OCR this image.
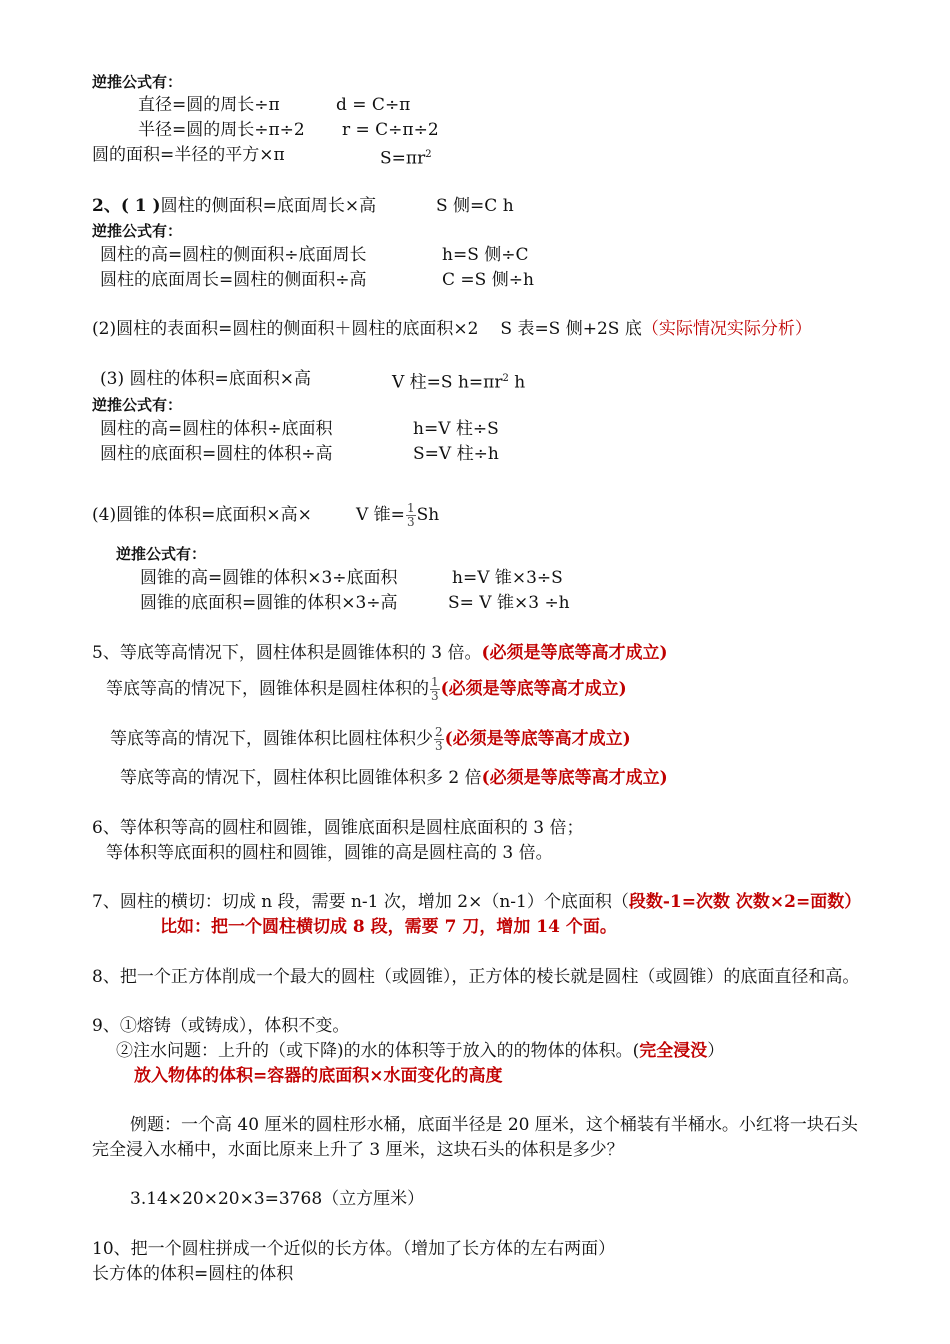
逆推公式有：
直径=圆的周长÷π	d = C÷π
半径=圆的周长÷π÷2 r = C÷π÷2
圆的面积=半径的平方×π	$S=\pi r^2$
2、( 1 )圆柱的侧面积=底面周长×高	S 侧=C h
逆推公式有：
圆柱的高=圆柱的侧面积÷底面周长	h=S 侧÷C
圆柱的底面周长=圆柱的侧面积÷高	C =S 侧÷h
(2)圆柱的表面积=圆柱的侧面积＋圆柱的底面积×2 S 表=S 侧+2S 底（实际情况实际分析）
(3) 圆柱的体积=底面积×高	V 柱=S $h=\pi r^2$ h
逆推公式有：
圆柱的高=圆柱的体积÷底面积	h=V 柱÷S
圆柱的底面积=圆柱的体积÷高	S=V 柱÷h
(4)圆锥的体积=底面积×高×	V 锥= $\frac{1}{3}$ Sh
逆推公式有：
圆锥的高=圆锥的体积×3÷底面积	h=V 锥×3÷S
圆锥的底面积=圆锥的体积×3÷高	S= V 锥×3 ÷h
5、等底等高情况下，圆柱体积是圆锥体积的 3 倍。(必须是等底等高才成立)
等底等高的情况下，圆锥体积是圆柱体积的 $\frac{1}{3}$ (必须是等底等高才成立)
等底等高的情况下，圆锥体积比圆柱体积少 $\frac{2}{3}$ (必须是等底等高才成立)
等底等高的情况下，圆柱体积比圆锥体积多 2 倍(必须是等底等高才成立)
6、等体积等高的圆柱和圆锥，圆锥底面积是圆柱底面积的 3 倍；
等体积等底面积的圆柱和圆锥，圆锥的高是圆柱高的 3 倍。
7、圆柱的横切：切成 n 段，需要 n-1 次，增加 2×（n-1）个底面积（段数-1=次数 次数×2=面数）
比如：把一个圆柱横切成 8 段，需要 7 刀，增加 14 个面。
8、把一个正方体削成一个最大的圆柱（或圆锥），正方体的棱长就是圆柱（或圆锥）的底面直径和高。
9、①熔铸（或铸成），体积不变。
②注水问题：上升的（或下降)的水的体积等于放入的的物体的体积。(完全浸没）
放入物体的体积=容器的底面积×水面变化的高度
例题：一个高 40 厘米的圆柱形水桶，底面半径是 20 厘米，这个桶装有半桶水。小红将一块石头
完全浸入水桶中，水面比原来上升了 3 厘米，这块石头的体积是多少？
3.14×20×20×3=3768（立方厘米）
10、把一个圆柱拼成一个近似的长方体。（增加了长方体的左右两面）
长方体的体积=圆柱的体积
